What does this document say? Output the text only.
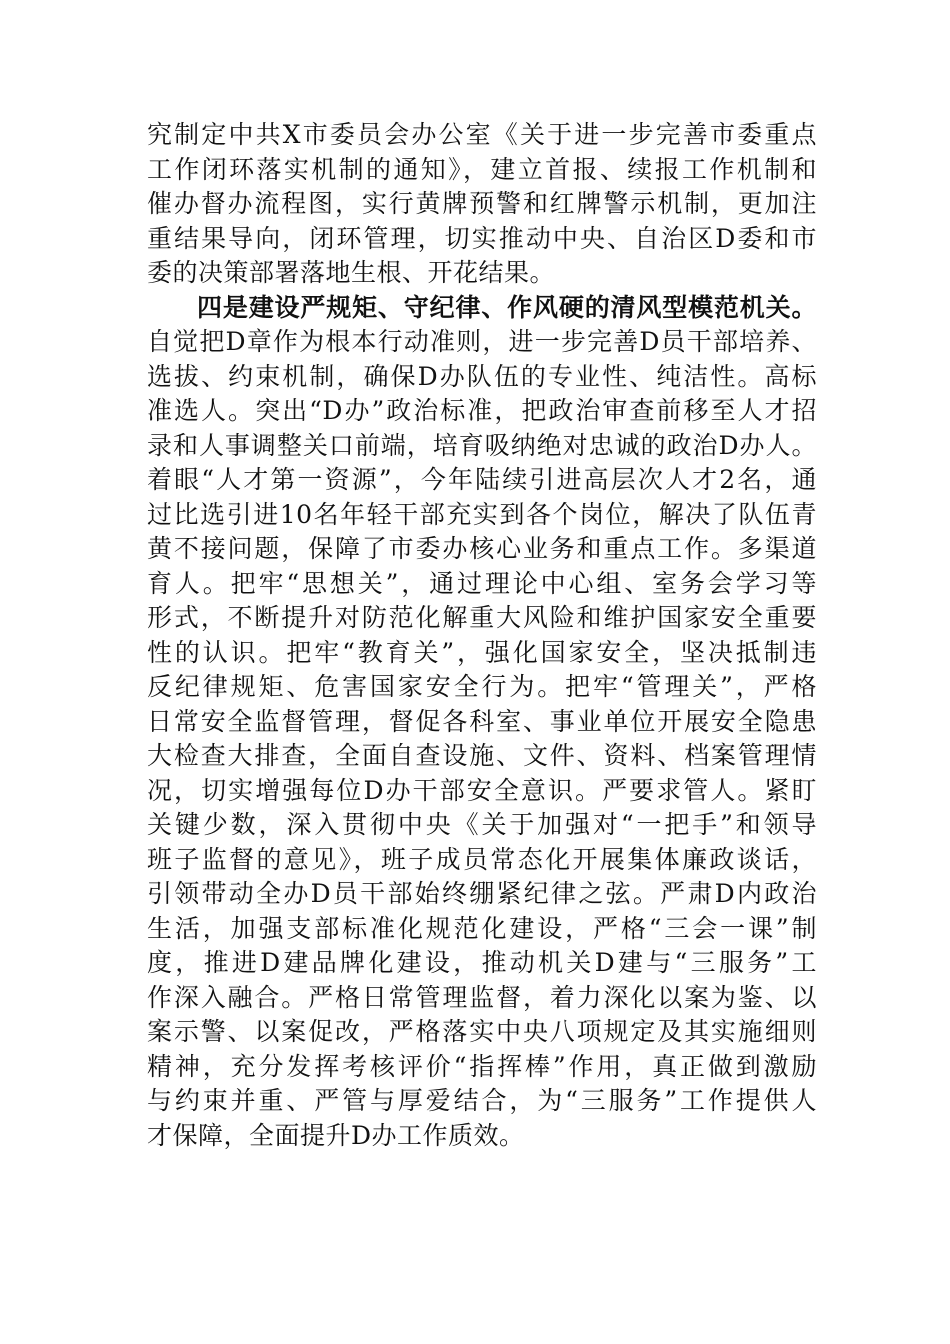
究制定中共X市委员会办公室《关于进一步完善市委重点
工作闭环落实机制的通知》，建立首报、续报工作机制和
催办督办流程图，实行黄牌预警和红牌警示机制，更加注
重结果导向，闭环管理，切实推动中央、自治区D委和市
委的决策部署落地生根、开花结果。
四是建设严规矩、守纪律、作风硬的清风型模范机关。
自觉把D章作为根本行动准则，进一步完善D员干部培养、
选拔、约束机制，确保D办队伍的专业性、纯洁性。高标
准选人。突出“D办”政治标准，把政治审查前移至人才招
录和人事调整关口前端，培育吸纳绝对忠诚的政治D办人。
着眼“人才第一资源”，今年陆续引进高层次人才2名，通
过比选引进10名年轻干部充实到各个岗位，解决了队伍青
黄不接问题，保障了市委办核心业务和重点工作。多渠道
育人。把牢“思想关”，通过理论中心组、室务会学习等
形式，不断提升对防范化解重大风险和维护国家安全重要
性的认识。把牢“教育关”，强化国家安全，坚决抵制违
反纪律规矩、危害国家安全行为。把牢“管理关”，严格
日常安全监督管理，督促各科室、事业单位开展安全隐患
大检查大排查，全面自查设施、文件、资料、档案管理情
况，切实增强每位D办干部安全意识。严要求管人。紧盯
关键少数，深入贯彻中央《关于加强对“一把手”和领导
班子监督的意见》，班子成员常态化开展集体廉政谈话，
引领带动全办D员干部始终绷紧纪律之弦。严肃D内政治
生活，加强支部标准化规范化建设，严格“三会一课”制
度，推进D建品牌化建设，推动机关D建与“三服务”工
作深入融合。严格日常管理监督，着力深化以案为鉴、以
案示警、以案促改，严格落实中央八项规定及其实施细则
精神，充分发挥考核评价“指挥棒”作用，真正做到激励
与约束并重、严管与厚爱结合，为“三服务”工作提供人
才保障，全面提升D办工作质效。
